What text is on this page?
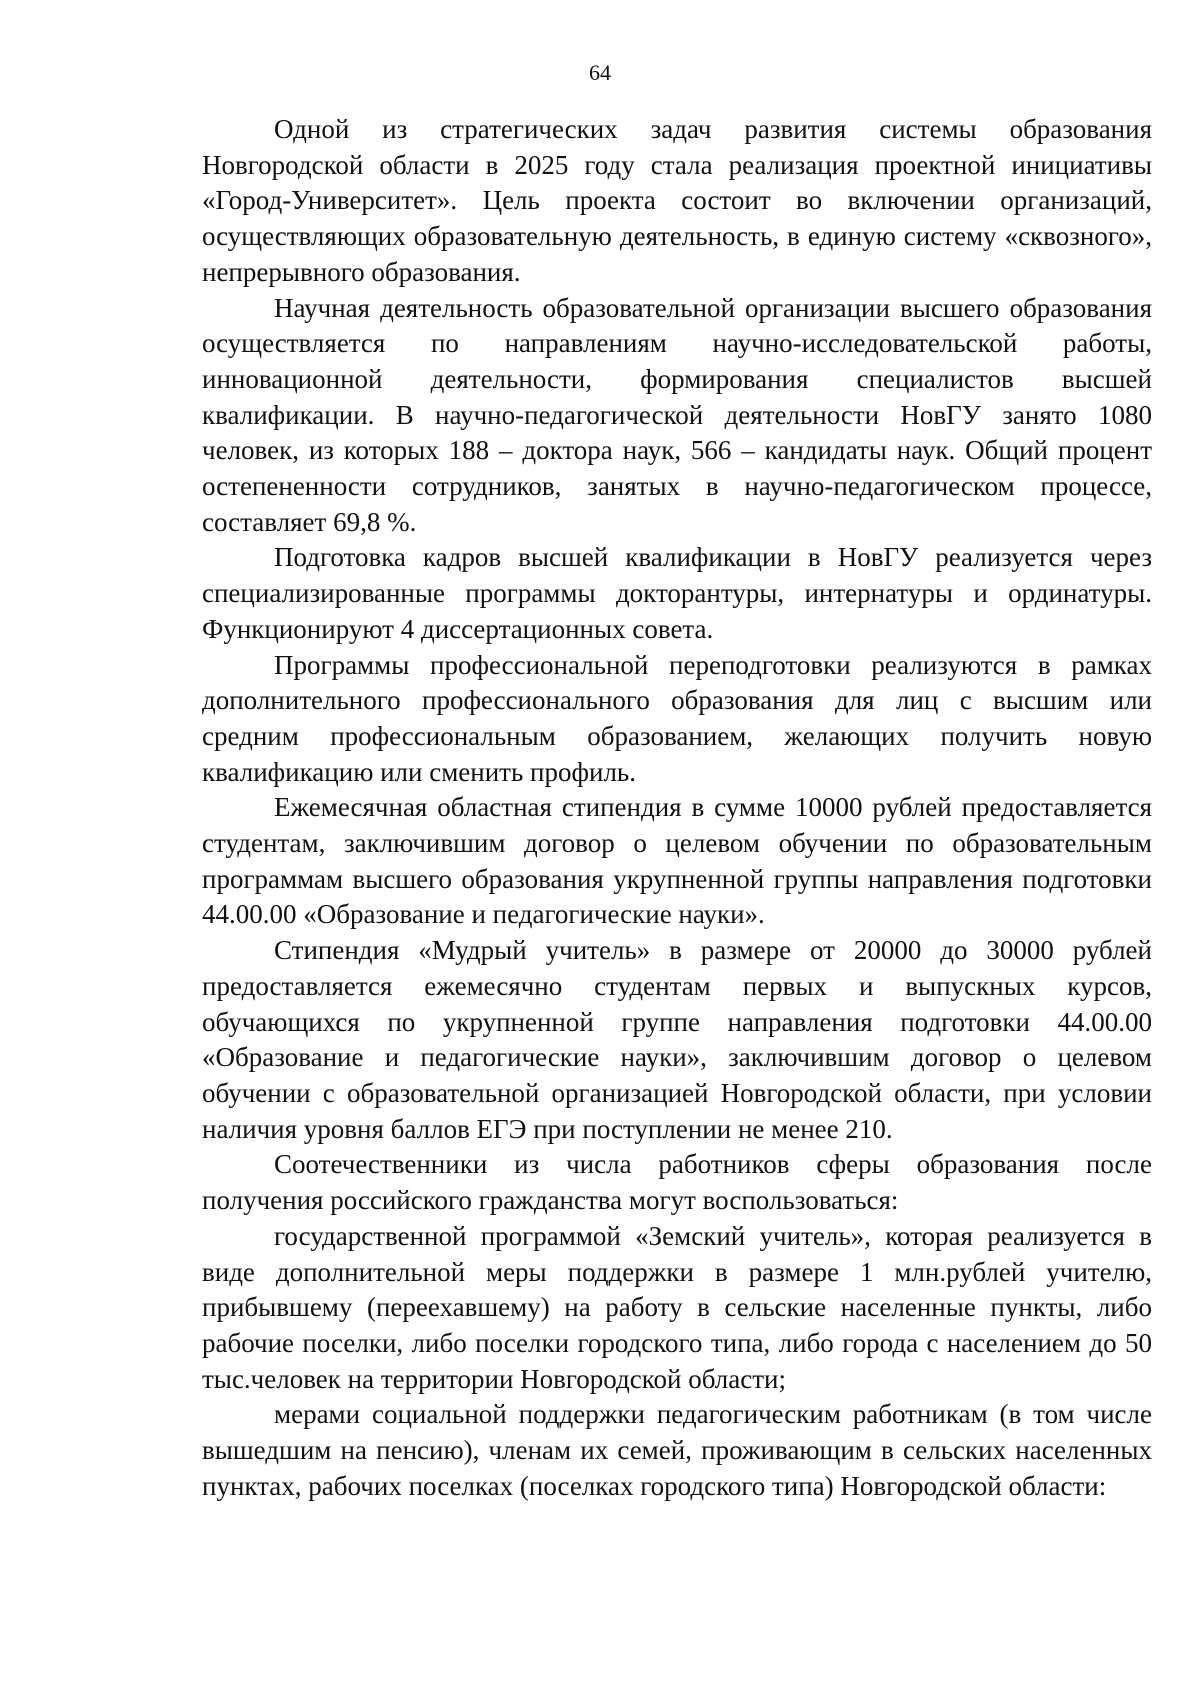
64

Одной из стратегических задач развития системы образования Новгородской области в 2025 году стала реализация проектной инициативы «Город-Университет». Цель проекта состоит во включении организаций, осуществляющих образовательную деятельность, в единую систему «сквозного», непрерывного образования.

Научная деятельность образовательной организации высшего образования осуществляется по направлениям научно-исследовательской работы, инновационной деятельности, формирования специалистов высшей квалификации. В научно-педагогической деятельности НовГУ занято 1080 человек, из которых 188 – доктора наук, 566 – кандидаты наук. Общий процент остепененности сотрудников, занятых в научно-педагогическом процессе, составляет 69,8 %.

Подготовка кадров высшей квалификации в НовГУ реализуется через специализированные программы докторантуры, интернатуры и ординатуры. Функционируют 4 диссертационных совета.

Программы профессиональной переподготовки реализуются в рамках дополнительного профессионального образования для лиц с высшим или средним профессиональным образованием, желающих получить новую квалификацию или сменить профиль.

Ежемесячная областная стипендия в сумме 10000 рублей предоставляется студентам, заключившим договор о целевом обучении по образовательным программам высшего образования укрупненной группы направления подготовки 44.00.00 «Образование и педагогические науки».

Стипендия «Мудрый учитель» в размере от 20000 до 30000 рублей предоставляется ежемесячно студентам первых и выпускных курсов, обучающихся по укрупненной группе направления подготовки 44.00.00 «Образование и педагогические науки», заключившим договор о целевом обучении с образовательной организацией Новгородской области, при условии наличия уровня баллов ЕГЭ при поступлении не менее 210.

Соотечественники из числа работников сферы образования после получения российского гражданства могут воспользоваться:

государственной программой «Земский учитель», которая реализуется в виде дополнительной меры поддержки в размере 1 млн.рублей учителю, прибывшему (переехавшему) на работу в сельские населенные пункты, либо рабочие поселки, либо поселки городского типа, либо города с населением до 50 тыс.человек на территории Новгородской области;

мерами социальной поддержки педагогическим работникам (в том числе вышедшим на пенсию), членам их семей, проживающим в сельских населенных пунктах, рабочих поселках (поселках городского типа) Новгородской области:
